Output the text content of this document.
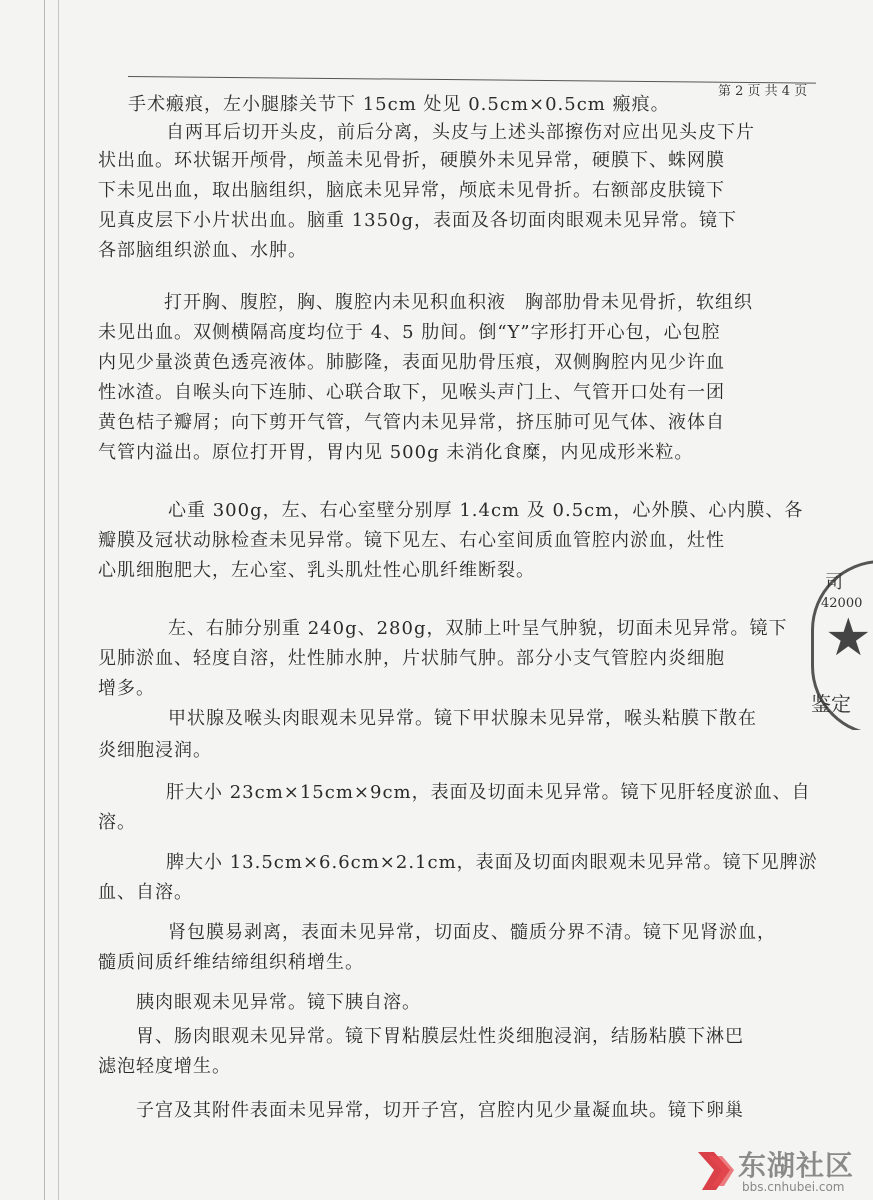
第 2 页 共 4 页
手术瘢痕，左小腿膝关节下 15cm 处见 0.5cm×0.5cm 瘢痕。
　　自两耳后切开头皮，前后分离，头皮与上述头部擦伤对应出见头皮下片
状出血。环状锯开颅骨，颅盖未见骨折，硬膜外未见异常，硬膜下、蛛网膜
下未见出血，取出脑组织，脑底未见异常，颅底未见骨折。右额部皮肤镜下
见真皮层下小片状出血。脑重 1350g，表面及各切面肉眼观未见异常。镜下
各部脑组织淤血、水肿。
　　打开胸、腹腔，胸、腹腔内未见积血积液　胸部肋骨未见骨折，软组织
未见出血。双侧横隔高度均位于 4、5 肋间。倒“Y”字形打开心包，心包腔
内见少量淡黄色透亮液体。肺膨隆，表面见肋骨压痕，双侧胸腔内见少许血
性冰渣。自喉头向下连肺、心联合取下，见喉头声门上、气管开口处有一团
黄色桔子瓣屑；向下剪开气管，气管内未见异常，挤压肺可见气体、液体自
气管内溢出。原位打开胃，胃内见 500g 未消化食糜，内见成形米粒。
　　心重 300g，左、右心室壁分别厚 1.4cm 及 0.5cm，心外膜、心内膜、各
瓣膜及冠状动脉检查未见异常。镜下见左、右心室间质血管腔内淤血，灶性
心肌细胞肥大，左心室、乳头肌灶性心肌纤维断裂。
　　左、右肺分别重 240g、280g，双肺上叶呈气肿貌，切面未见异常。镜下
见肺淤血、轻度自溶，灶性肺水肿，片状肺气肿。部分小支气管腔内炎细胞
增多。
　　甲状腺及喉头肉眼观未见异常。镜下甲状腺未见异常，喉头粘膜下散在
炎细胞浸润。
　　肝大小 23cm×15cm×9cm，表面及切面未见异常。镜下见肝轻度淤血、自
溶。
　　脾大小 13.5cm×6.6cm×2.1cm，表面及切面肉眼观未见异常。镜下见脾淤
血、自溶。
　　肾包膜易剥离，表面未见异常，切面皮、髓质分界不清。镜下见肾淤血，
髓质间质纤维结缔组织稍增生。
　　胰肉眼观未见异常。镜下胰自溶。
　　胃、肠肉眼观未见异常。镜下胃粘膜层灶性炎细胞浸润，结肠粘膜下淋巴
滤泡轻度增生。
　　子宫及其附件表面未见异常，切开子宫，宫腔内见少量凝血块。镜下卵巢
司
42000
★
鉴定
东湖社区
bbs.cnhubei.com
